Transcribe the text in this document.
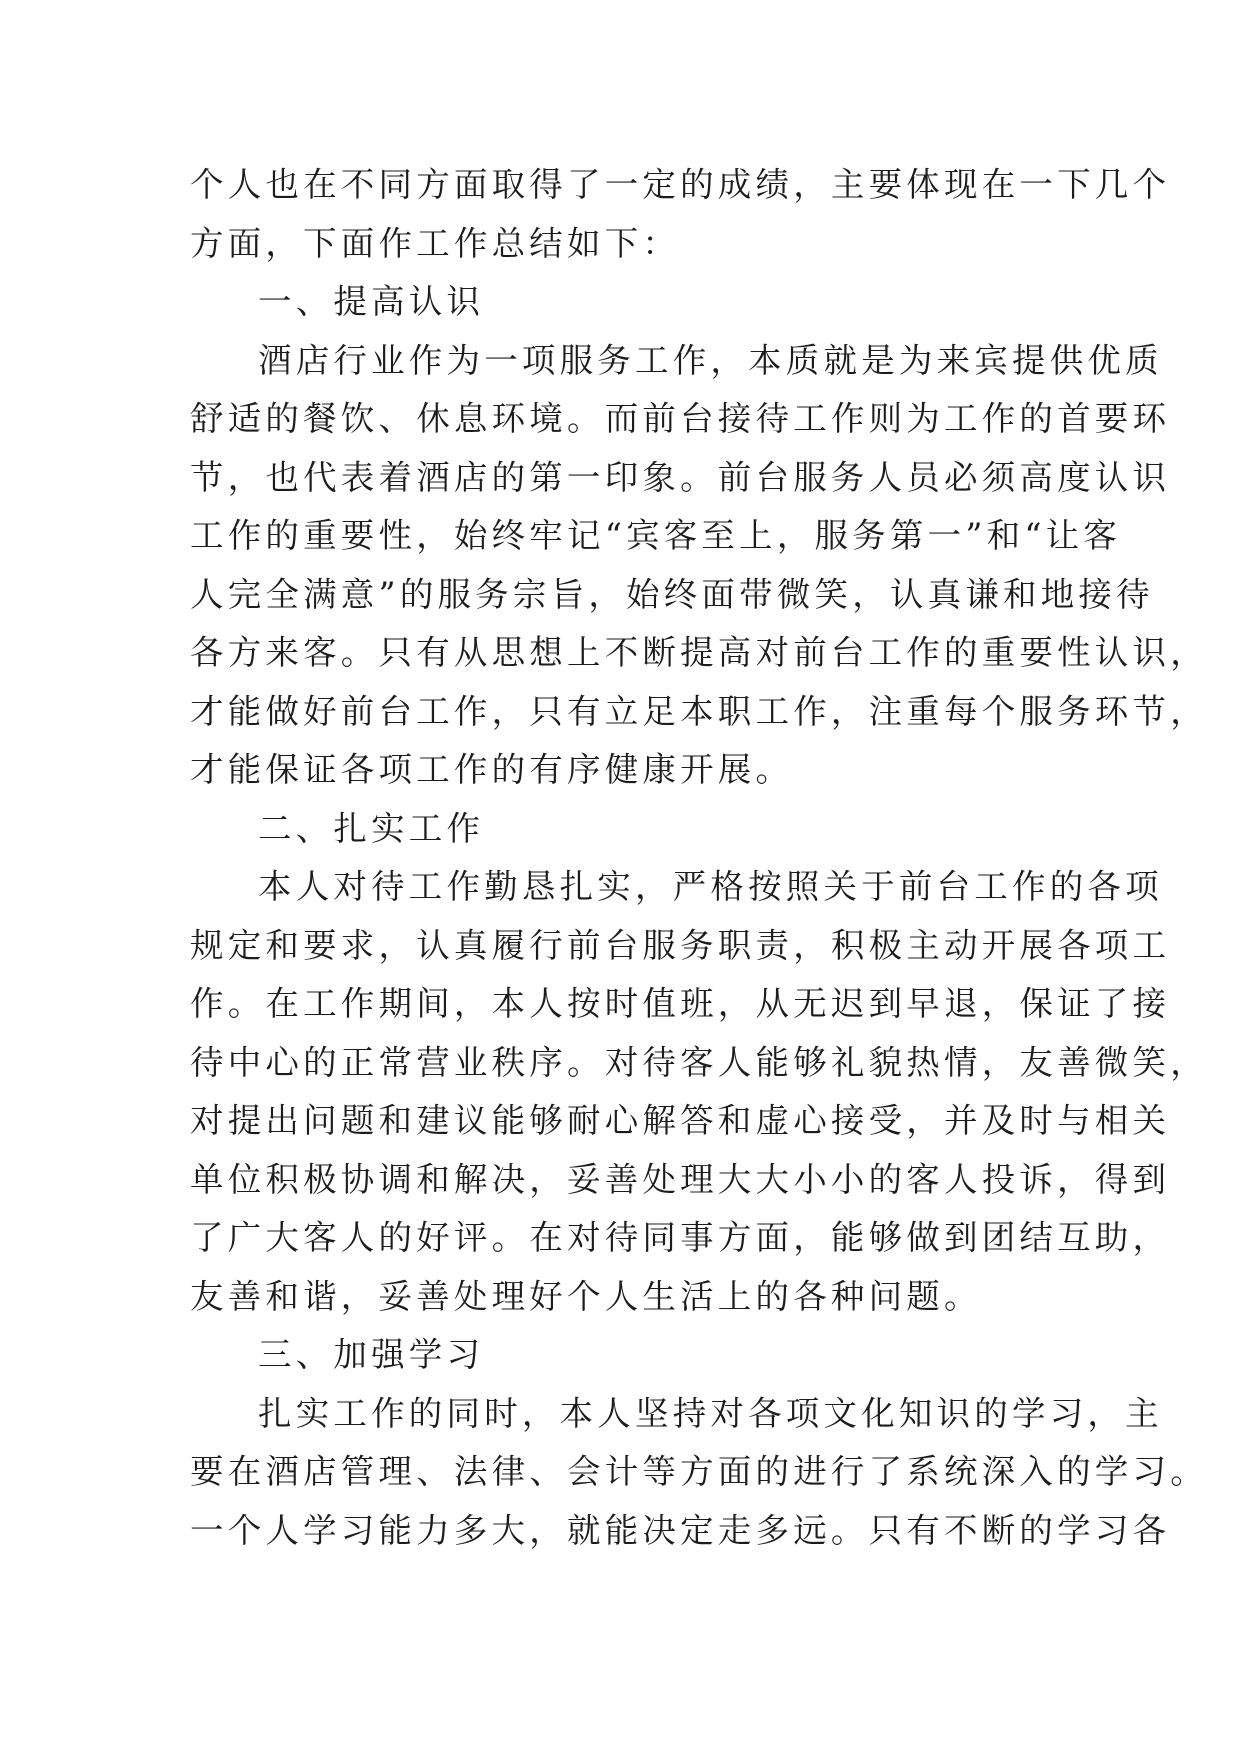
个人也在不同方面取得了一定的成绩，主要体现在一下几个
方面，下面作工作总结如下：
一、提高认识
酒店行业作为一项服务工作，本质就是为来宾提供优质
舒适的餐饮、休息环境。而前台接待工作则为工作的首要环
节，也代表着酒店的第一印象。前台服务人员必须高度认识
工作的重要性，始终牢记“宾客至上，服务第一”和“让客
人完全满意”的服务宗旨，始终面带微笑，认真谦和地接待
各方来客。只有从思想上不断提高对前台工作的重要性认识，
才能做好前台工作，只有立足本职工作，注重每个服务环节，
才能保证各项工作的有序健康开展。
二、扎实工作
本人对待工作勤恳扎实，严格按照关于前台工作的各项
规定和要求，认真履行前台服务职责，积极主动开展各项工
作。在工作期间，本人按时值班，从无迟到早退，保证了接
待中心的正常营业秩序。对待客人能够礼貌热情，友善微笑，
对提出问题和建议能够耐心解答和虚心接受，并及时与相关
单位积极协调和解决，妥善处理大大小小的客人投诉，得到
了广大客人的好评。在对待同事方面，能够做到团结互助，
友善和谐，妥善处理好个人生活上的各种问题。
三、加强学习
扎实工作的同时，本人坚持对各项文化知识的学习，主
要在酒店管理、法律、会计等方面的进行了系统深入的学习。
一个人学习能力多大，就能决定走多远。只有不断的学习各
